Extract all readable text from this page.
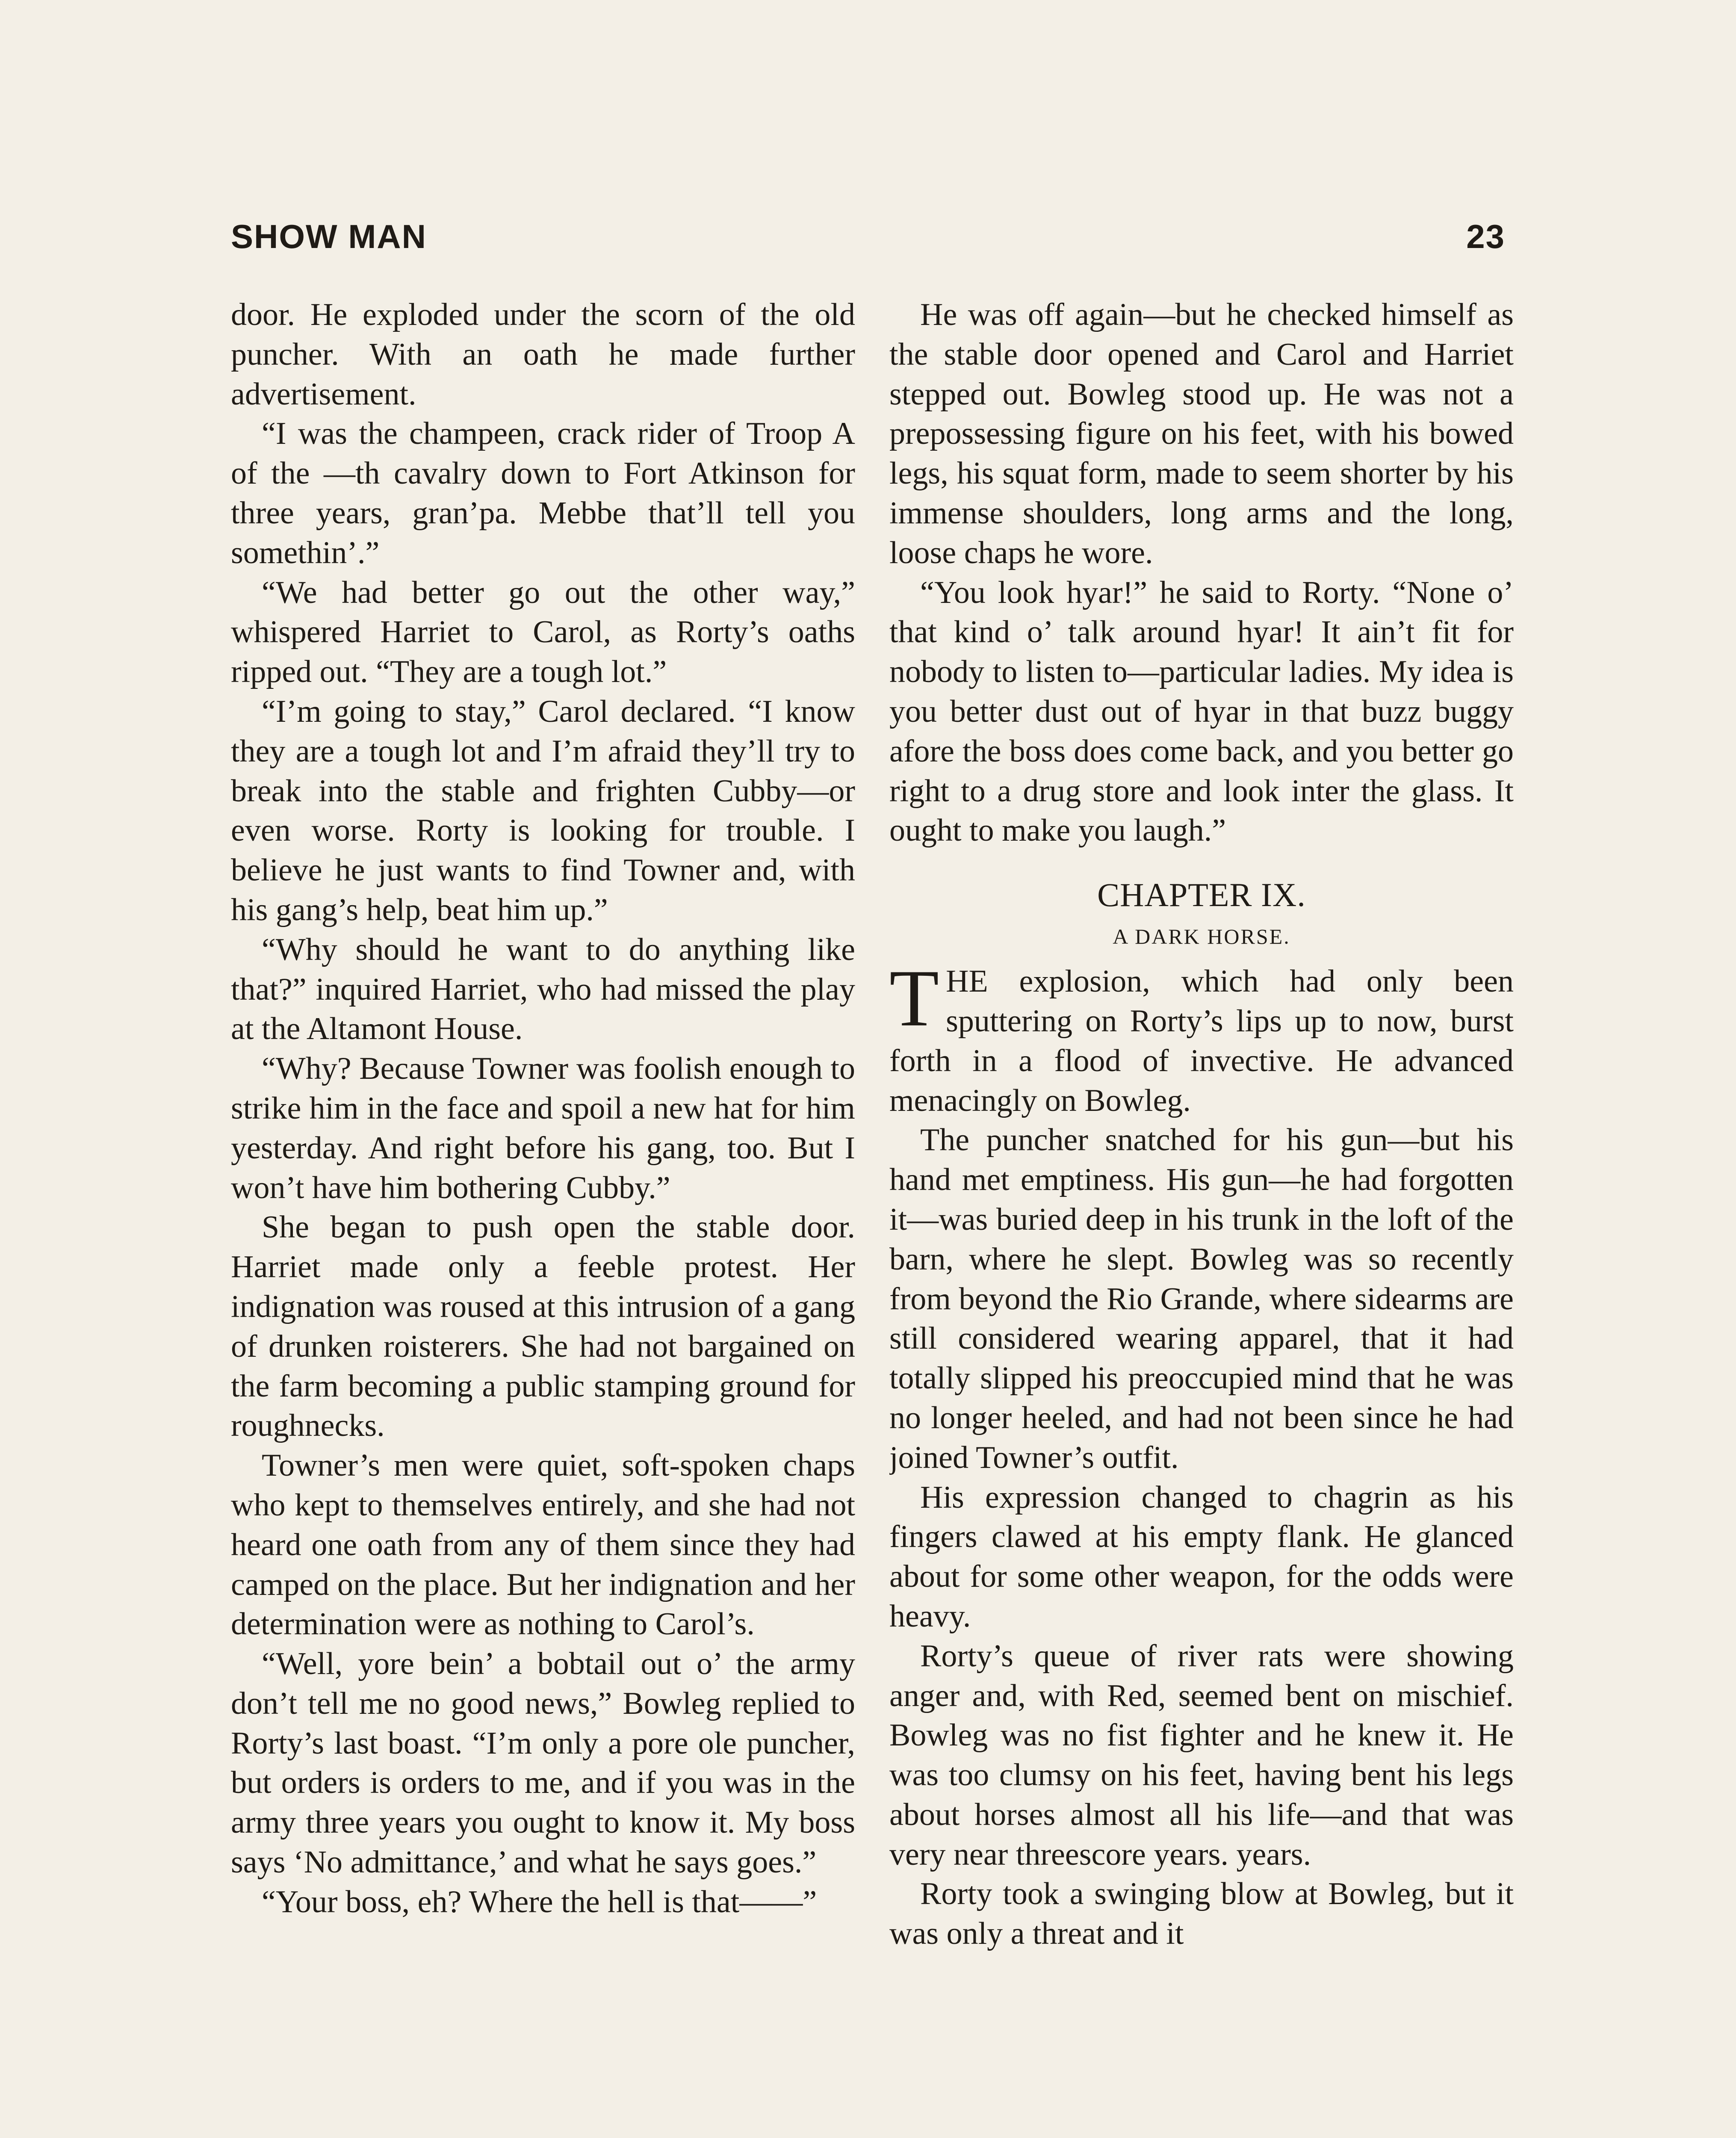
SHOW MAN	23

door. He exploded under the scorn of the old puncher. With an oath he made further advertisement.

“I was the champeen, crack rider of Troop A of the —th cavalry down to Fort Atkinson for three years, gran’pa. Mebbe that’ll tell you somethin’.”

“We had better go out the other way,” whispered Harriet to Carol, as Rorty’s oaths ripped out. “They are a tough lot.”

“I’m going to stay,” Carol declared. “I know they are a tough lot and I’m afraid they’ll try to break into the stable and frighten Cubby—or even worse. Rorty is looking for trouble. I believe he just wants to find Towner and, with his gang’s help, beat him up.”

“Why should he want to do anything like that?” inquired Harriet, who had missed the play at the Altamont House.

“Why? Because Towner was foolish enough to strike him in the face and spoil a new hat for him yesterday. And right before his gang, too. But I won’t have him bothering Cubby.”

She began to push open the stable door. Harriet made only a feeble protest. Her indignation was roused at this intrusion of a gang of drunken roisterers. She had not bargained on the farm becoming a public stamping ground for roughnecks.

Towner’s men were quiet, soft-spoken chaps who kept to themselves entirely, and she had not heard one oath from any of them since they had camped on the place. But her indignation and her determination were as nothing to Carol’s.

“Well, yore bein’ a bobtail out o’ the army don’t tell me no good news,” Bowleg replied to Rorty’s last boast. “I’m only a pore ole puncher, but orders is orders to me, and if you was in the army three years you ought to know it. My boss says ‘No admittance,’ and what he says goes.”

“Your boss, eh? Where the hell is that——”

He was off again—but he checked himself as the stable door opened and Carol and Harriet stepped out. Bowleg stood up. He was not a prepossessing figure on his feet, with his bowed legs, his squat form, made to seem shorter by his immense shoulders, long arms and the long, loose chaps he wore.

“You look hyar!” he said to Rorty. “None o’ that kind o’ talk around hyar! It ain’t fit for nobody to listen to—particular ladies. My idea is you better dust out of hyar in that buzz buggy afore the boss does come back, and you better go right to a drug store and look inter the glass. It ought to make you laugh.”

CHAPTER IX.
A DARK HORSE.

THE explosion, which had only been sputtering on Rorty’s lips up to now, burst forth in a flood of invective. He advanced menacingly on Bowleg.

The puncher snatched for his gun—but his hand met emptiness. His gun—he had forgotten it—was buried deep in his trunk in the loft of the barn, where he slept. Bowleg was so recently from beyond the Rio Grande, where sidearms are still considered wearing apparel, that it had totally slipped his preoccupied mind that he was no longer heeled, and had not been since he had joined Towner’s outfit.

His expression changed to chagrin as his fingers clawed at his empty flank. He glanced about for some other weapon, for the odds were heavy.

Rorty’s queue of river rats were showing anger and, with Red, seemed bent on mischief. Bowleg was no fist fighter and he knew it. He was too clumsy on his feet, having bent his legs about horses almost all his life—and that was very near threescore years. years.

Rorty took a swinging blow at Bowleg, but it was only a threat and it
